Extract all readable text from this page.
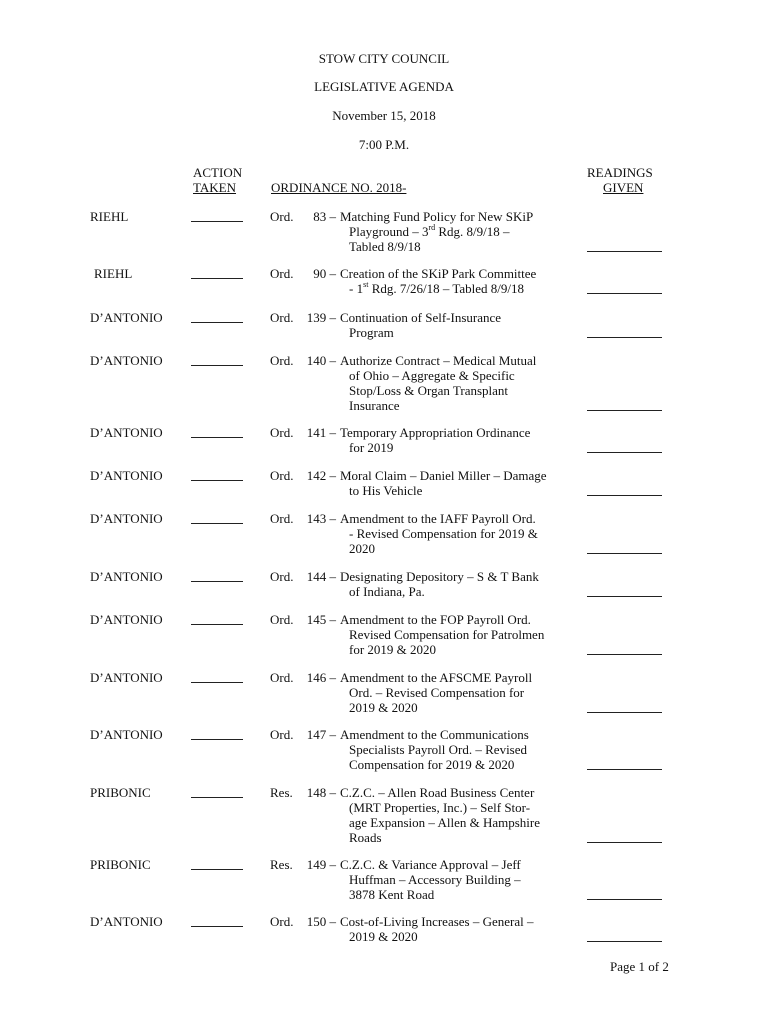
STOW CITY COUNCIL
LEGISLATIVE AGENDA
November 15, 2018
7:00 P.M.
ACTION
TAKEN	ORDINANCE NO. 2018-
READINGS
GIVEN
RIEHL	Ord.	83 – Matching Fund Policy for New SKiP
Playground – 3rd Rdg. 8/9/18 –
Tabled 8/9/18
RIEHL	Ord.	90 – Creation of the SKiP Park Committee
- 1st Rdg. 7/26/18 – Tabled 8/9/18
D’ANTONIO	Ord.	139 – Continuation of Self-Insurance
Program
D’ANTONIO	Ord.	140 – Authorize Contract – Medical Mutual
of Ohio – Aggregate & Specific
Stop/Loss & Organ Transplant
Insurance
D’ANTONIO	Ord.	141 – Temporary Appropriation Ordinance
for 2019
D’ANTONIO	Ord.	142 – Moral Claim – Daniel Miller – Damage
to His Vehicle
D’ANTONIO	Ord.	143 – Amendment to the IAFF Payroll Ord.
- Revised Compensation for 2019 &
2020
D’ANTONIO	Ord.	144 – Designating Depository – S & T Bank
of Indiana, Pa.
D’ANTONIO	Ord.	145 – Amendment to the FOP Payroll Ord.
Revised Compensation for Patrolmen
for 2019 & 2020
D’ANTONIO	Ord.	146 – Amendment to the AFSCME Payroll
Ord. – Revised Compensation for
2019 & 2020
D’ANTONIO	Ord.	147 – Amendment to the Communications
Specialists Payroll Ord. – Revised
Compensation for 2019 & 2020
PRIBONIC	Res.	148 – C.Z.C. – Allen Road Business Center
(MRT Properties, Inc.) – Self Stor-
age Expansion – Allen & Hampshire
Roads
PRIBONIC	Res.	149 – C.Z.C. & Variance Approval – Jeff
Huffman – Accessory Building –
3878 Kent Road
D’ANTONIO	Ord.	150 – Cost-of-Living Increases – General –
2019 & 2020
Page 1 of 2
